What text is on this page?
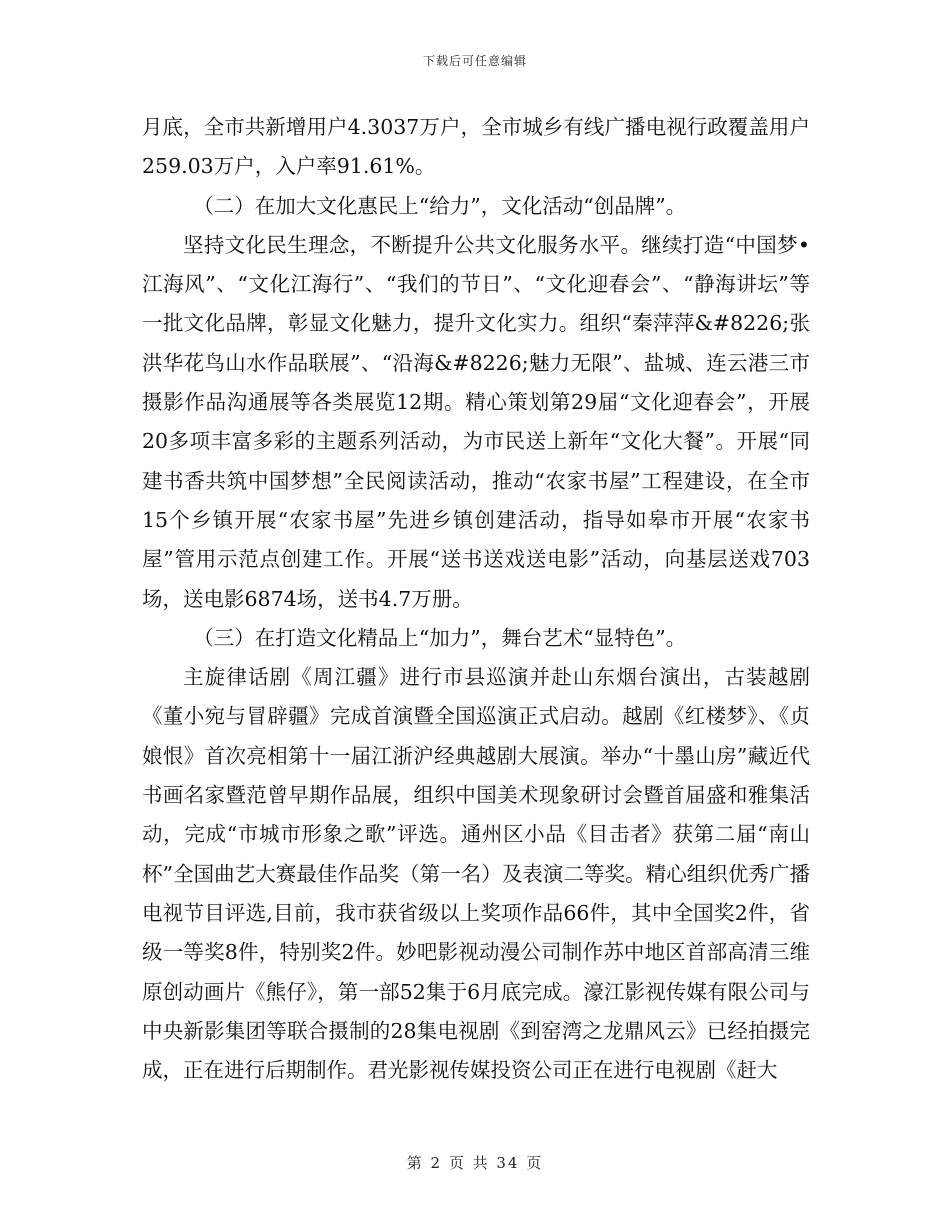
下载后可任意编辑

月底，全市共新增用户4.3037万户，全市城乡有线广播电视行政覆盖用户259.03万户，入户率91.61%。

（二）在加大文化惠民上“给力”，文化活动“创品牌”。

坚持文化民生理念，不断提升公共文化服务水平。继续打造“中国梦•江海风”、“文化江海行”、“我们的节日”、“文化迎春会”、“静海讲坛”等一批文化品牌，彰显文化魅力，提升文化实力。组织“秦萍萍&#8226;张洪华花鸟山水作品联展”、“沿海&#8226;魅力无限”、盐城、连云港三市摄影作品沟通展等各类展览12期。精心策划第29届“文化迎春会”，开展20多项丰富多彩的主题系列活动，为市民送上新年“文化大餐”。开展“同建书香共筑中国梦想”全民阅读活动，推动“农家书屋”工程建设，在全市15个乡镇开展“农家书屋”先进乡镇创建活动，指导如皋市开展“农家书屋”管用示范点创建工作。开展“送书送戏送电影”活动，向基层送戏703场，送电影6874场，送书4.7万册。

（三）在打造文化精品上“加力”，舞台艺术“显特色”。

主旋律话剧《周江疆》进行市县巡演并赴山东烟台演出，古装越剧《董小宛与冒辟疆》完成首演暨全国巡演正式启动。越剧《红楼梦》、《贞娘恨》首次亮相第十一届江浙沪经典越剧大展演。举办“十墨山房”藏近代书画名家暨范曾早期作品展，组织中国美术现象研讨会暨首届盛和雅集活动，完成“市城市形象之歌”评选。通州区小品《目击者》获第二届“南山杯”全国曲艺大赛最佳作品奖（第一名）及表演二等奖。精心组织优秀广播电视节目评选,目前，我市获省级以上奖项作品66件，其中全国奖2件，省级一等奖8件，特别奖2件。妙吧影视动漫公司制作苏中地区首部高清三维原创动画片《熊仔》，第一部52集于6月底完成。濠江影视传媒有限公司与中央新影集团等联合摄制的28集电视剧《到窑湾之龙鼎风云》已经拍摄完成，正在进行后期制作。君光影视传媒投资公司正在进行电视剧《赶大

第 2 页 共 34 页
